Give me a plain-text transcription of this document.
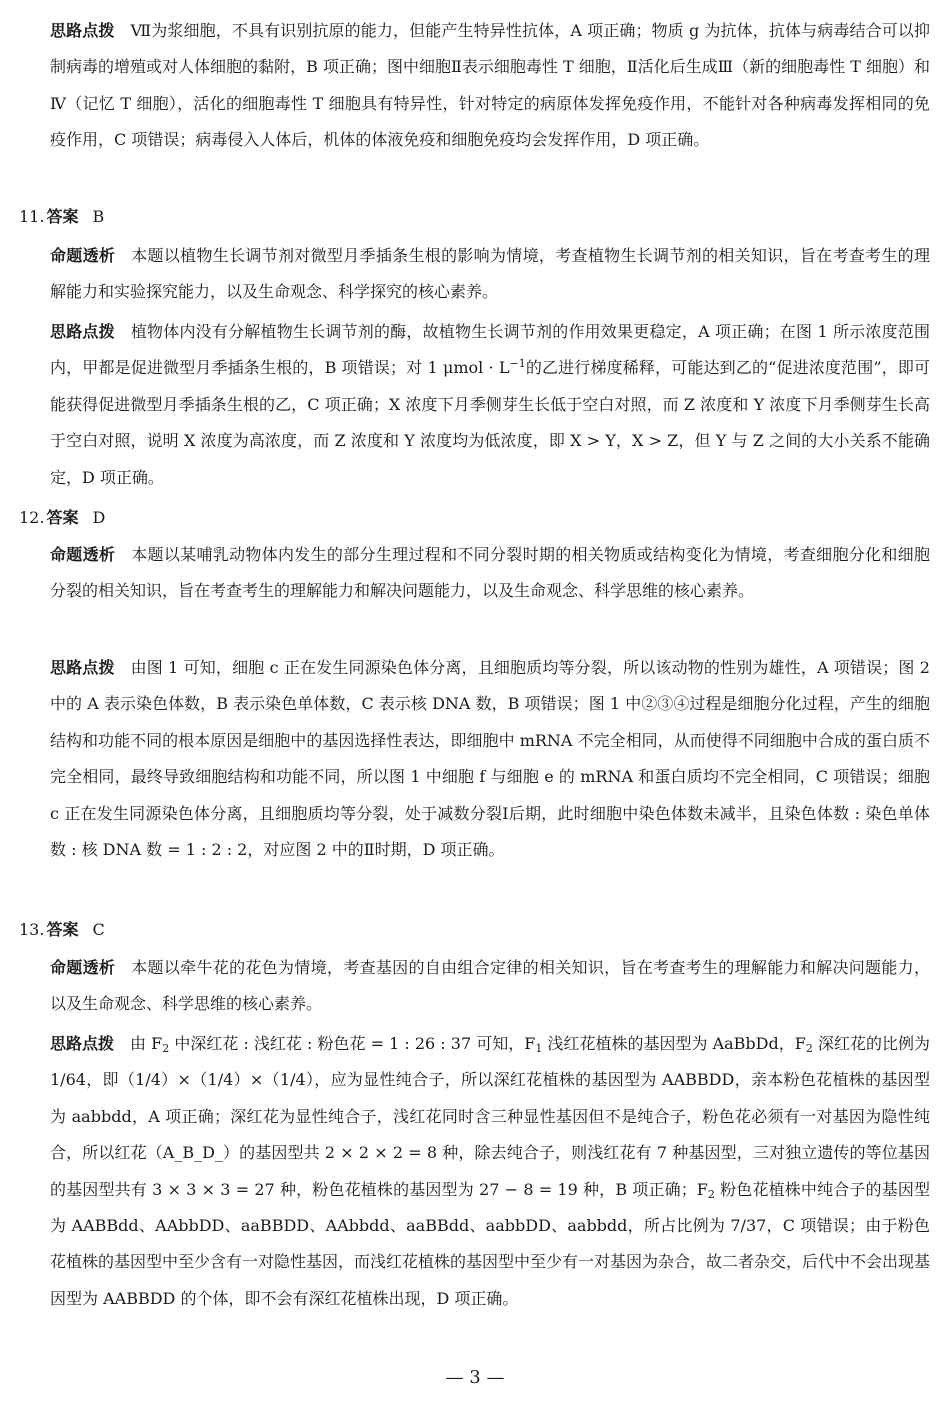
思路点拨 Ⅶ为浆细胞，不具有识别抗原的能力，但能产生特异性抗体，A 项正确；物质 g 为抗体，抗体与病毒结合可以抑制病毒的增殖或对人体细胞的黏附，B 项正确；图中细胞Ⅱ表示细胞毒性 T 细胞，Ⅱ活化后生成Ⅲ（新的细胞毒性 T 细胞）和Ⅳ（记忆 T 细胞），活化的细胞毒性 T 细胞具有特异性，针对特定的病原体发挥免疫作用，不能针对各种病毒发挥相同的免疫作用，C 项错误；病毒侵入人体后，机体的体液免疫和细胞免疫均会发挥作用，D 项正确。
11. 答案 B
命题透析 本题以植物生长调节剂对微型月季插条生根的影响为情境，考查植物生长调节剂的相关知识，旨在考查考生的理解能力和实验探究能力，以及生命观念、科学探究的核心素养。
思路点拨 植物体内没有分解植物生长调节剂的酶，故植物生长调节剂的作用效果更稳定，A 项正确；在图 1 所示浓度范围内，甲都是促进微型月季插条生根的，B 项错误；对 1 $\mu mol \cdot L^{-1}$的乙进行梯度稀释，可能达到乙的“促进浓度范围”，即可能获得促进微型月季插条生根的乙，C 项正确；X 浓度下月季侧芽生长低于空白对照，而 Z 浓度和 Y 浓度下月季侧芽生长高于空白对照，说明 X 浓度为高浓度，而 Z 浓度和 Y 浓度均为低浓度，即 X > Y，X > Z，但 Y 与 Z 之间的大小关系不能确定，D 项正确。
12. 答案 D
命题透析 本题以某哺乳动物体内发生的部分生理过程和不同分裂时期的相关物质或结构变化为情境，考查细胞分化和细胞分裂的相关知识，旨在考查考生的理解能力和解决问题能力，以及生命观念、科学思维的核心素养。
思路点拨 由图 1 可知，细胞 c 正在发生同源染色体分离，且细胞质均等分裂，所以该动物的性别为雄性，A 项错误；图 2 中的 A 表示染色体数，B 表示染色单体数，C 表示核 DNA 数，B 项错误；图 1 中②③④过程是细胞分化过程，产生的细胞结构和功能不同的根本原因是细胞中的基因选择性表达，即细胞中 mRNA 不完全相同，从而使得不同细胞中合成的蛋白质不完全相同，最终导致细胞结构和功能不同，所以图 1 中细胞 f 与细胞 e 的 mRNA 和蛋白质均不完全相同，C 项错误；细胞 c 正在发生同源染色体分离，且细胞质均等分裂，处于减数分裂Ⅰ后期，此时细胞中染色体数未减半，且染色体数 : 染色单体数 : 核 DNA 数 = 1 : 2 : 2，对应图 2 中的Ⅱ时期，D 项正确。
13. 答案 C
命题透析 本题以牵牛花的花色为情境，考查基因的自由组合定律的相关知识，旨在考查考生的理解能力和解决问题能力，以及生命观念、科学思维的核心素养。
思路点拨 由 $F_2$ 中深红花 : 浅红花 : 粉色花 = 1 : 26 : 37 可知，$F_1$ 浅红花植株的基因型为 AaBbDd，$F_2$ 深红花的比例为 1/64，即（1/4）×（1/4）×（1/4），应为显性纯合子，所以深红花植株的基因型为 AABBDD，亲本粉色花植株的基因型为 aabbdd，A 项正确；深红花为显性纯合子，浅红花同时含三种显性基因但不是纯合子，粉色花必须有一对基因为隐性纯合，所以红花（A_B_D_）的基因型共 2 × 2 × 2 = 8 种，除去纯合子，则浅红花有 7 种基因型，三对独立遗传的等位基因的基因型共有 3 × 3 × 3 = 27 种，粉色花植株的基因型为 27 − 8 = 19 种，B 项正确；$F_2$ 粉色花植株中纯合子的基因型为 AABBdd、AAbbDD、aaBBDD、AAbbdd、aaBBdd、aabbDD、aabbdd，所占比例为 7/37，C 项错误；由于粉色花植株的基因型中至少含有一对隐性基因，而浅红花植株的基因型中至少有一对基因为杂合，故二者杂交，后代中不会出现基因型为 AABBDD 的个体，即不会有深红花植株出现，D 项正确。
— 3 —
